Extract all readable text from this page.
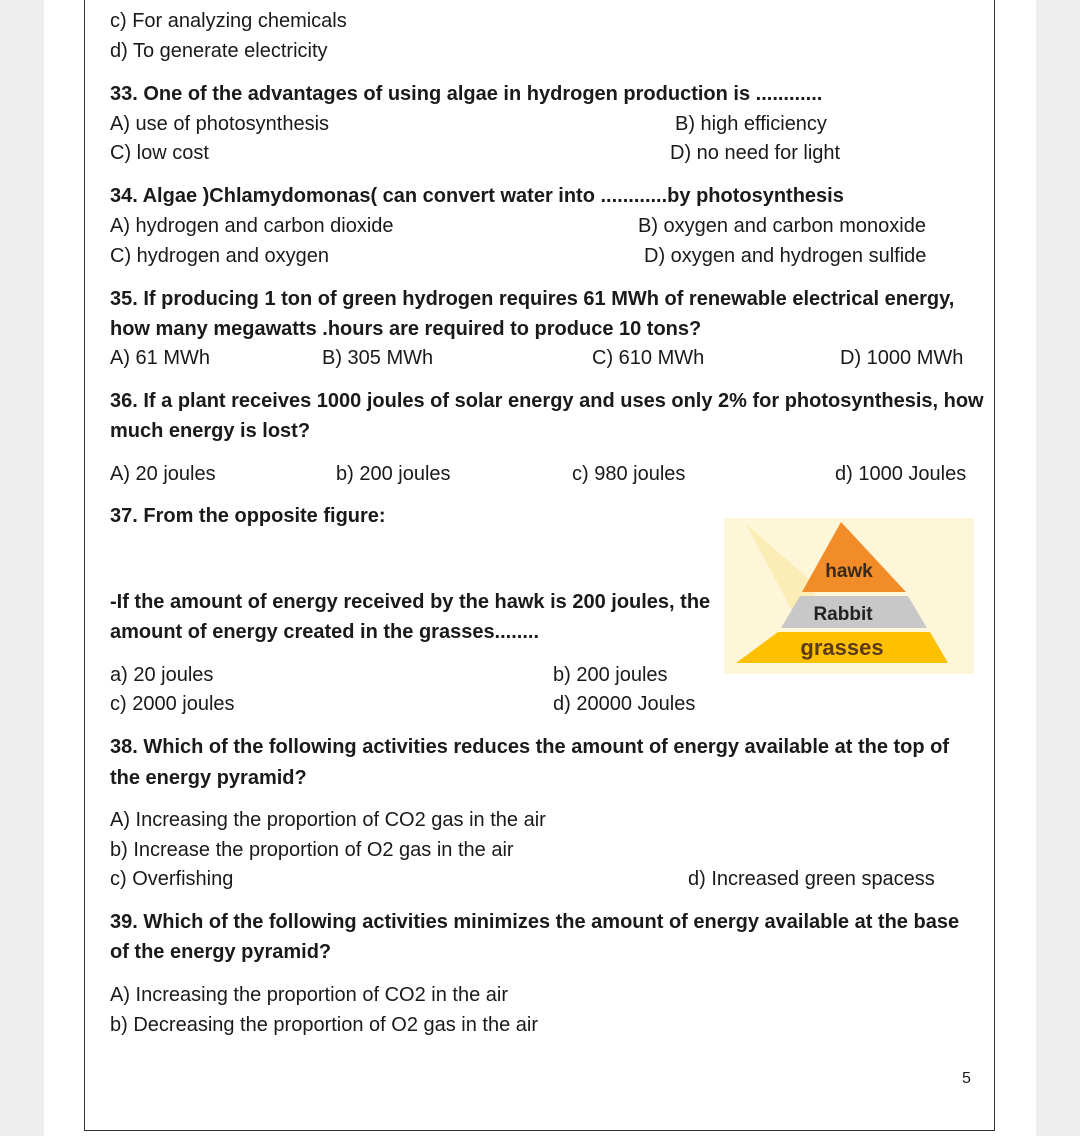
c) For analyzing chemicals
d) To generate electricity
33. One of the advantages of using algae in hydrogen production is ............
A) use of photosynthesis	B) high efficiency
C) low cost	D) no need for light
34. Algae )Chlamydomonas( can convert water into ............by photosynthesis
A) hydrogen and carbon dioxide	B) oxygen and carbon monoxide
C) hydrogen and oxygen	D) oxygen and hydrogen sulfide
35. If producing 1 ton of green hydrogen requires 61 MWh of renewable electrical energy,
how many megawatts .hours are required to produce 10 tons?
A) 61 MWh	B) 305 MWh	C) 610 MWh	D) 1000 MWh
36. If a plant receives 1000 joules of solar energy and uses only 2% for photosynthesis, how
much energy is lost?
A) 20 joules	b) 200 joules	c) 980 joules	d) 1000 Joules
37. From the opposite figure:
-If the amount of energy received by the hawk is 200 joules, the
amount of energy created in the grasses........
hawk
Rabbit
grasses
a) 20 joules	b) 200 joules
c) 2000 joules	d) 20000 Joules
38. Which of the following activities reduces the amount of energy available at the top of
the energy pyramid?
A) Increasing the proportion of CO2 gas in the air
b) Increase the proportion of O2 gas in the air
c) Overfishing	d) Increased green spacess
39. Which of the following activities minimizes the amount of energy available at the base
of the energy pyramid?
A) Increasing the proportion of CO2 in the air
b) Decreasing the proportion of O2 gas in the air
5
